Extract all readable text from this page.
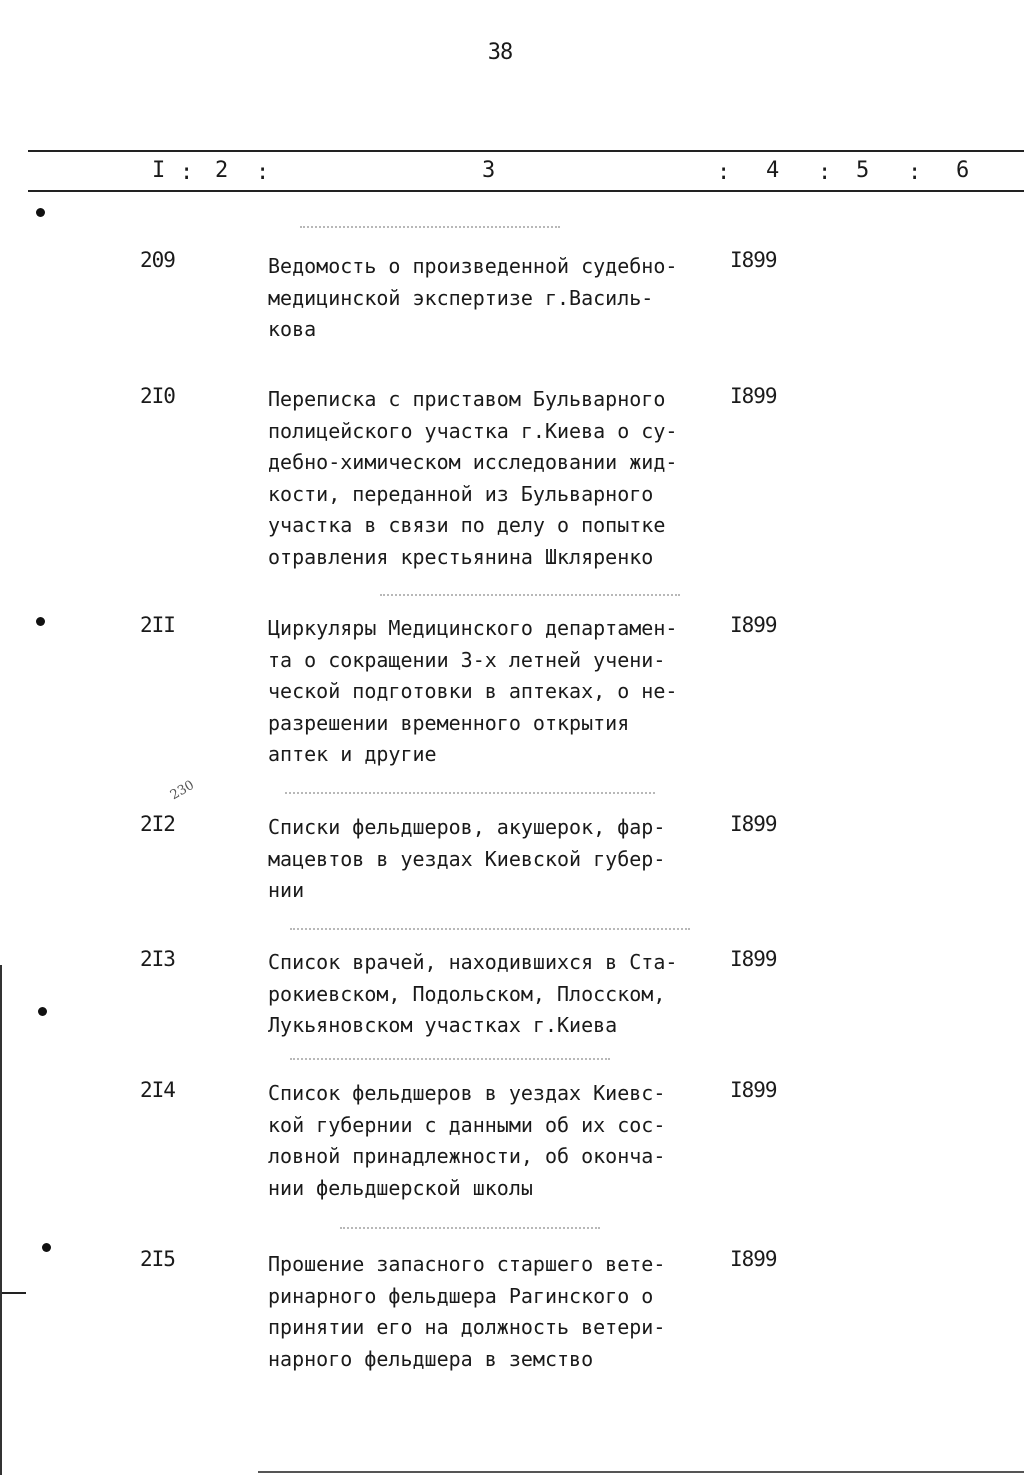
38
I : 2 :	3	: 4 : 5 : 6
209	Ведомость о произведенной судебно-
медицинской экспертизе г.Василь-
кова
I899
2I0	Переписка с приставом Бульварного
полицейского участка г.Киева о су-
дебно-химическом исследовании жид-
кости, переданной из Бульварного
участка в связи по делу о попытке
отравления крестьянина Шкляренко
I899
2II	Циркуляры Медицинского департамен-
та о сокращении 3-х летней учени-
ческой подготовки в аптеках, о не-
разрешении временного открытия
аптек и другие
I899
2I2	Списки фельдшеров, акушерок, фар-
мацевтов в уездах Киевской губер-
нии
I899
2I3	Список врачей, находившихся в Ста-
рокиевском, Подольском, Плосском,
Лукьяновском участках г.Киева
I899
2I4	Список фельдшеров в уездах Киевс-
кой губернии с данными об их сос-
ловной принадлежности, об оконча-
нии фельдшерской школы
I899
2I5	Прошение запасного старшего вете-
ринарного фельдшера Рагинского о
принятии его на должность ветери-
нарного фельдшера в земство
I899
230
